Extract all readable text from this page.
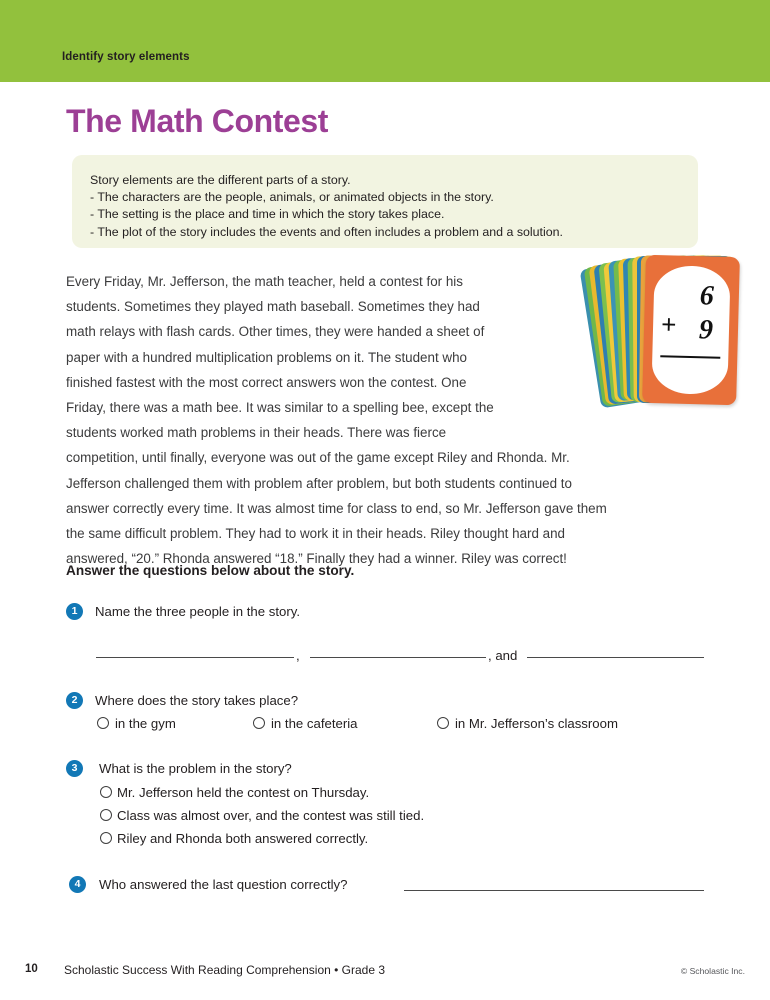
Identify story elements
The Math Contest
Story elements are the different parts of a story.
- The characters are the people, animals, or animated objects in the story.
- The setting is the place and time in which the story takes place.
- The plot of the story includes the events and often includes a problem and a solution.
6
+ 9
Every Friday, Mr. Jefferson, the math teacher, held a contest for his
students. Sometimes they played math baseball. Sometimes they had
math relays with flash cards. Other times, they were handed a sheet of
paper with a hundred multiplication problems on it. The student who
finished fastest with the most correct answers won the contest. One
Friday, there was a math bee. It was similar to a spelling bee, except the
students worked math problems in their heads. There was fierce
competition, until finally, everyone was out of the game except Riley and Rhonda. Mr.
Jefferson challenged them with problem after problem, but both students continued to
answer correctly every time. It was almost time for class to end, so Mr. Jefferson gave them
the same difficult problem. They had to work it in their heads. Riley thought hard and
answered, “20.” Rhonda answered “18.” Finally they had a winner. Riley was correct!
Answer the questions below about the story.
1	Name the three people in the story.
,	, and
2	Where does the story takes place?
in the gym	in the cafeteria	in Mr. Jefferson’s classroom
3	What is the problem in the story?
Mr. Jefferson held the contest on Thursday.
Class was almost over, and the contest was still tied.
Riley and Rhonda both answered correctly.
4	Who answered the last question correctly?
10 Scholastic Success With Reading Comprehension • Grade 3	© Scholastic Inc.
